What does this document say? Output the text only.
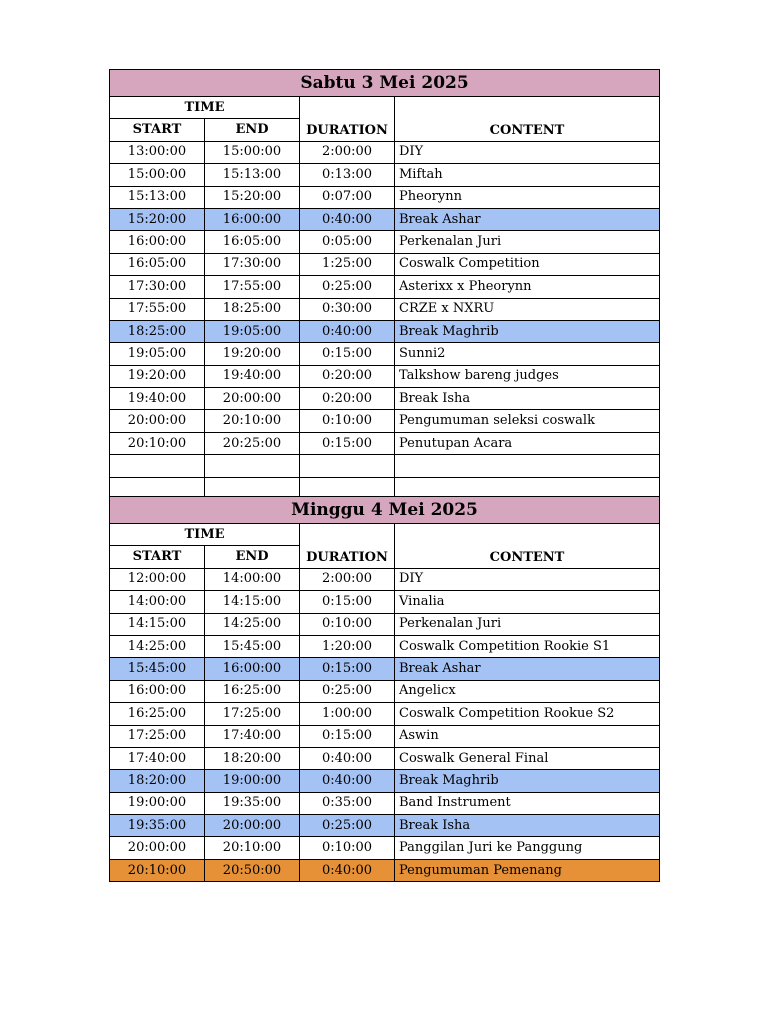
Sabtu 3 Mei 2025			
TIME		DURATION	CONTENT
START	END		
13:00:00	15:00:00	2:00:00	DIY
15:00:00	15:13:00	0:13:00	Miftah
15:13:00	15:20:00	0:07:00	Pheorynn
15:20:00	16:00:00	0:40:00	Break Ashar
16:00:00	16:05:00	0:05:00	Perkenalan Juri
16:05:00	17:30:00	1:25:00	Coswalk Competition
17:30:00	17:55:00	0:25:00	Asterixx x Pheorynn
17:55:00	18:25:00	0:30:00	CRZE x NXRU
18:25:00	19:05:00	0:40:00	Break Maghrib
19:05:00	19:20:00	0:15:00	Sunni2
19:20:00	19:40:00	0:20:00	Talkshow bareng judges
19:40:00	20:00:00	0:20:00	Break Isha
20:00:00	20:10:00	0:10:00	Pengumuman seleksi coswalk
20:10:00	20:25:00	0:15:00	Penutupan Acara

Minggu 4 Mei 2025			
TIME		DURATION	CONTENT
START	END		
12:00:00	14:00:00	2:00:00	DIY
14:00:00	14:15:00	0:15:00	Vinalia
14:15:00	14:25:00	0:10:00	Perkenalan Juri
14:25:00	15:45:00	1:20:00	Coswalk Competition Rookie S1
15:45:00	16:00:00	0:15:00	Break Ashar
16:00:00	16:25:00	0:25:00	Angelicx
16:25:00	17:25:00	1:00:00	Coswalk Competition Rookue S2
17:25:00	17:40:00	0:15:00	Aswin
17:40:00	18:20:00	0:40:00	Coswalk General Final
18:20:00	19:00:00	0:40:00	Break Maghrib
19:00:00	19:35:00	0:35:00	Band Instrument
19:35:00	20:00:00	0:25:00	Break Isha
20:00:00	20:10:00	0:10:00	Panggilan Juri ke Panggung
20:10:00	20:50:00	0:40:00	Pengumuman Pemenang
